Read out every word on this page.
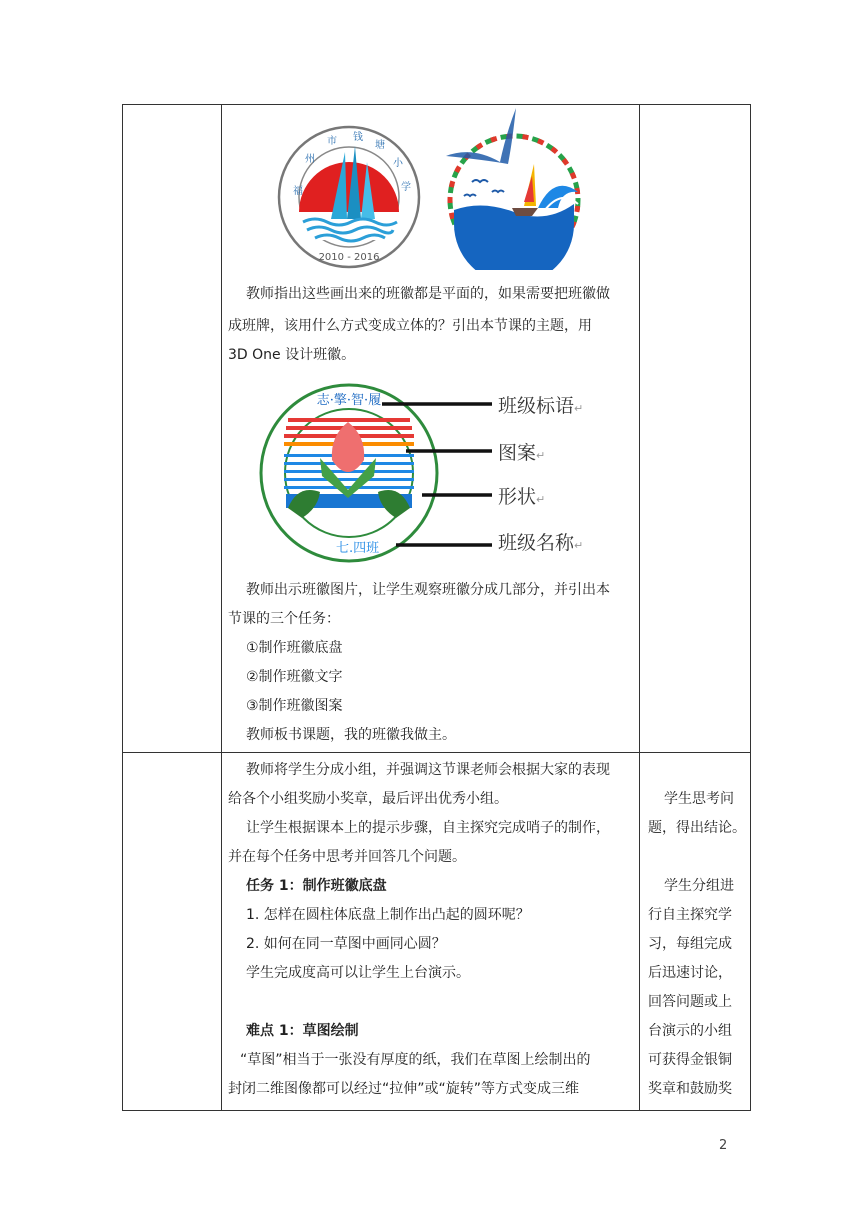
福
州
市 钱
塘
小
学
2010 - 2016
教师指出这些画出来的班徽都是平面的，如果需要把班徽做
成班牌，该用什么方式变成立体的？引出本节课的主题，用
3D One 设计班徽。
志·擎·智·履
七.四班
班级标语↵
图案↵
形状↵
班级名称↵
教师出示班徽图片，让学生观察班徽分成几部分，并引出本
节课的三个任务：
①制作班徽底盘
②制作班徽文字
③制作班徽图案
教师板书课题，我的班徽我做主。
教师将学生分成小组，并强调这节课老师会根据大家的表现
给各个小组奖励小奖章，最后评出优秀小组。
让学生根据课本上的提示步骤，自主探究完成哨子的制作，
并在每个任务中思考并回答几个问题。
任务 1：制作班徽底盘
1. 怎样在圆柱体底盘上制作出凸起的圆环呢？
2. 如何在同一草图中画同心圆？
学生完成度高可以让学生上台演示。
难点 1：草图绘制
“草图”相当于一张没有厚度的纸，我们在草图上绘制出的
封闭二维图像都可以经过“拉伸”或“旋转”等方式变成三维
学生思考问
题，得出结论。
学生分组进
行自主探究学
习，每组完成
后迅速讨论，
回答问题或上
台演示的小组
可获得金银铜
奖章和鼓励奖
2
